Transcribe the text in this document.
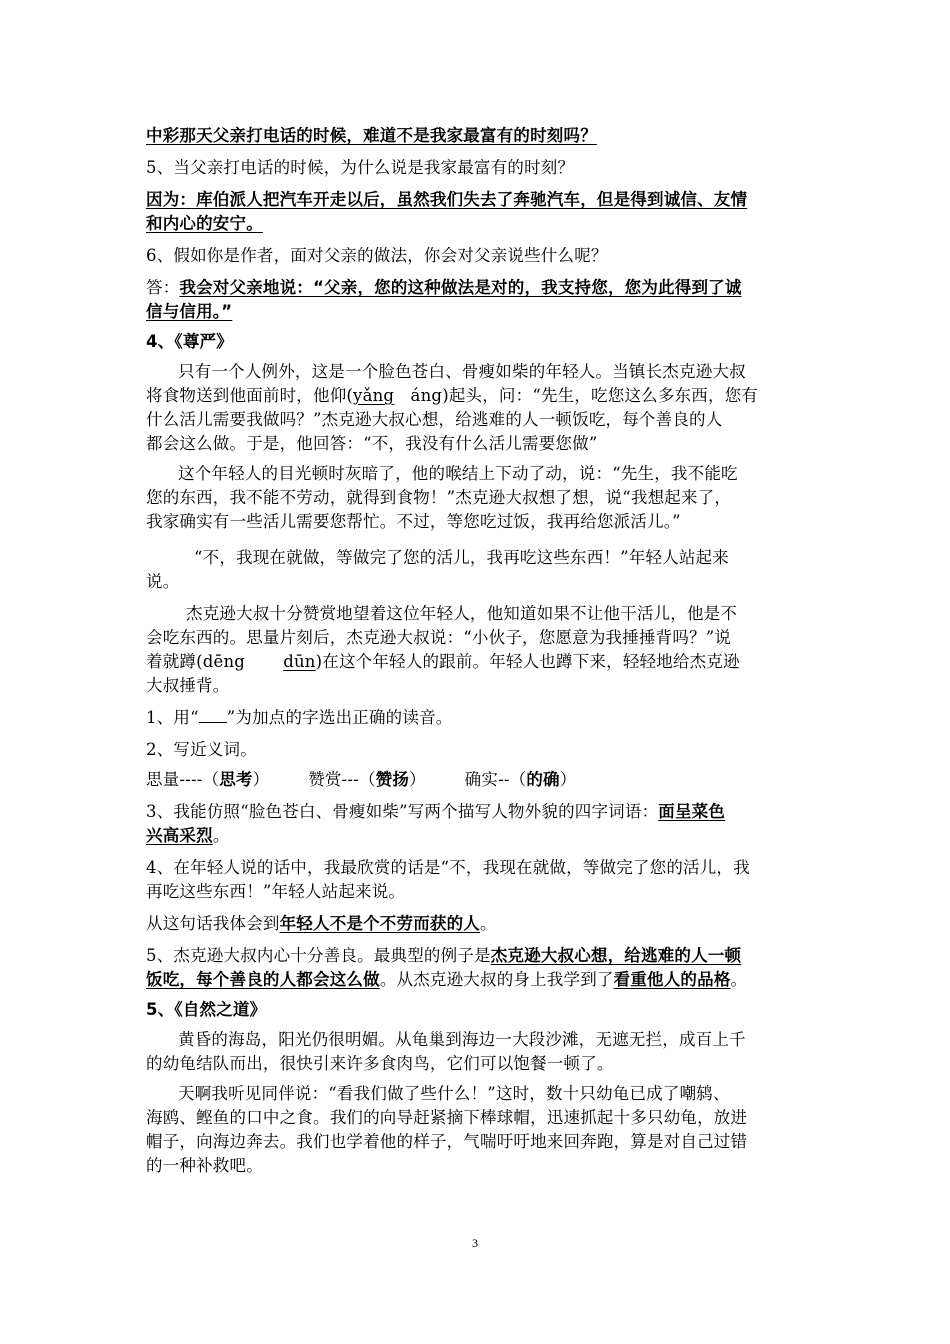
中彩那天父亲打电话的时候，难道不是我家最富有的时刻吗？
5、当父亲打电话的时候，为什么说是我家最富有的时刻？
因为：库伯派人把汽车开走以后，虽然我们失去了奔驰汽车，但是得到诚信、友情
和内心的安宁。
6、假如你是作者，面对父亲的做法，你会对父亲说些什么呢？
答：我会对父亲地说：“父亲，您的这种做法是对的，我支持您，您为此得到了诚
信与信用。”
4、《尊严》
只有一个人例外，这是一个脸色苍白、骨瘦如柴的年轻人。当镇长杰克逊大叔
将食物送到他面前时，他仰(yǎng áng)起头，问：“先生，吃您这么多东西，您有
什么活儿需要我做吗？”杰克逊大叔心想，给逃难的人一顿饭吃，每个善良的人
都会这么做。于是，他回答：“不，我没有什么活儿需要您做”
这个年轻人的目光顿时灰暗了，他的喉结上下动了动，说：“先生，我不能吃
您的东西，我不能不劳动，就得到食物！”杰克逊大叔想了想，说“我想起来了，
我家确实有一些活儿需要您帮忙。不过，等您吃过饭，我再给您派活儿。”
“不，我现在就做，等做完了您的活儿，我再吃这些东西！”年轻人站起来
说。
杰克逊大叔十分赞赏地望着这位年轻人，他知道如果不让他干活儿，他是不
会吃东西的。思量片刻后，杰克逊大叔说：“小伙子，您愿意为我捶捶背吗？”说
着就蹲(dēng dūn)在这个年轻人的跟前。年轻人也蹲下来，轻轻地给杰克逊
大叔捶背。
1、用“ ”为加点的字选出正确的读音。
2、写近义词。
思量----（思考） 赞赏---（赞扬） 确实--（的确）
3、我能仿照“脸色苍白、骨瘦如柴”写两个描写人物外貌的四字词语：面呈菜色
兴高采烈。
4、在年轻人说的话中，我最欣赏的话是“不，我现在就做，等做完了您的活儿，我
再吃这些东西！”年轻人站起来说。
从这句话我体会到年轻人不是个不劳而获的人。
5、杰克逊大叔内心十分善良。最典型的例子是杰克逊大叔心想，给逃难的人一顿
饭吃，每个善良的人都会这么做。从杰克逊大叔的身上我学到了看重他人的品格。
5、《自然之道》
黄昏的海岛，阳光仍很明媚。从龟巢到海边一大段沙滩，无遮无拦，成百上千
的幼龟结队而出，很快引来许多食肉鸟，它们可以饱餐一顿了。
天啊我听见同伴说：“看我们做了些什么！”这时，数十只幼龟已成了嘲鸫、
海鸥、鲣鱼的口中之食。我们的向导赶紧摘下棒球帽，迅速抓起十多只幼龟，放进
帽子，向海边奔去。我们也学着他的样子，气喘吁吁地来回奔跑，算是对自己过错
的一种补救吧。
3
